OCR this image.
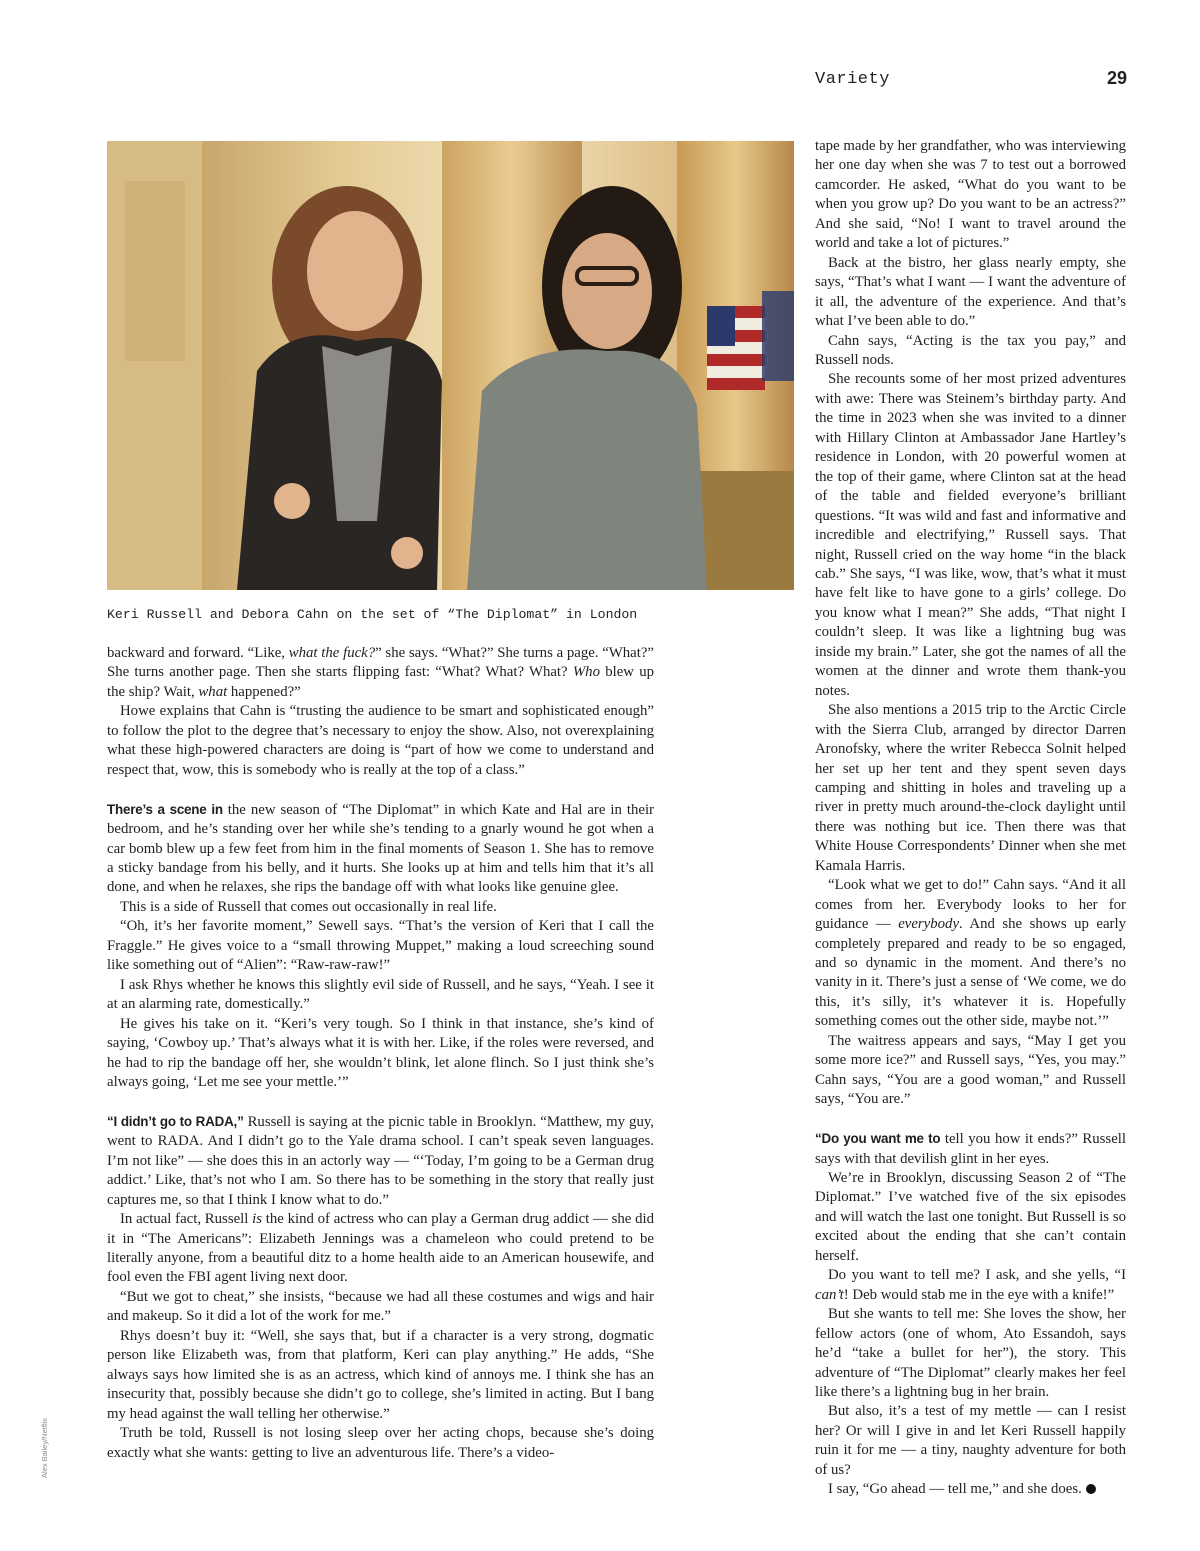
Variety	29
Keri Russell and Debora Cahn on the set of “The Diplomat” in London
Alex Bailey/Netflix

backward and forward. “Like, what the fuck?” she says. “What?” She turns a page. “What?” She turns another page. Then she starts flipping fast: “What? What? What? Who blew up the ship? Wait, what happened?”

Howe explains that Cahn is “trusting the audience to be smart and sophisticated enough” to follow the plot to the degree that’s necessary to enjoy the show. Also, not overexplaining what these high-powered characters are doing is “part of how we come to understand and respect that, wow, this is somebody who is really at the top of a class.”

There’s a scene in the new season of “The Diplomat” in which Kate and Hal are in their bedroom, and he’s standing over her while she’s tending to a gnarly wound he got when a car bomb blew up a few feet from him in the final moments of Season 1. She has to remove a sticky bandage from his belly, and it hurts. She looks up at him and tells him that it’s all done, and when he relaxes, she rips the bandage off with what looks like genuine glee.

This is a side of Russell that comes out occasionally in real life.

“Oh, it’s her favorite moment,” Sewell says. “That’s the version of Keri that I call the Fraggle.” He gives voice to a “small throwing Muppet,” making a loud screeching sound like something out of “Alien”: “Raw-raw-raw!”

I ask Rhys whether he knows this slightly evil side of Russell, and he says, “Yeah. I see it at an alarming rate, domestically.”

He gives his take on it. “Keri’s very tough. So I think in that instance, she’s kind of saying, ‘Cowboy up.’ That’s always what it is with her. Like, if the roles were reversed, and he had to rip the bandage off her, she wouldn’t blink, let alone flinch. So I just think she’s always going, ‘Let me see your mettle.’”

“I didn’t go to RADA,” Russell is saying at the picnic table in Brooklyn. “Matthew, my guy, went to RADA. And I didn’t go to the Yale drama school. I can’t speak seven languages. I’m not like” — she does this in an actorly way — “‘Today, I’m going to be a German drug addict.’ Like, that’s not who I am. So there has to be something in the story that really just captures me, so that I think I know what to do.”

In actual fact, Russell is the kind of actress who can play a German drug addict — she did it in “The Americans”: Elizabeth Jennings was a chameleon who could pretend to be literally anyone, from a beautiful ditz to a home health aide to an American housewife, and fool even the FBI agent living next door.

“But we got to cheat,” she insists, “because we had all these costumes and wigs and hair and makeup. So it did a lot of the work for me.”

Rhys doesn’t buy it: “Well, she says that, but if a character is a very strong, dogmatic person like Elizabeth was, from that platform, Keri can play anything.” He adds, “She always says how limited she is as an actress, which kind of annoys me. I think she has an insecurity that, possibly because she didn’t go to college, she’s limited in acting. But I bang my head against the wall telling her otherwise.”

Truth be told, Russell is not losing sleep over her acting chops, because she’s doing exactly what she wants: getting to live an adventurous life. There’s a video-

tape made by her grandfather, who was interviewing her one day when she was 7 to test out a borrowed camcorder. He asked, “What do you want to be when you grow up? Do you want to be an actress?” And she said, “No! I want to travel around the world and take a lot of pictures.”

Back at the bistro, her glass nearly empty, she says, “That’s what I want — I want the adventure of it all, the adventure of the experience. And that’s what I’ve been able to do.”

Cahn says, “Acting is the tax you pay,” and Russell nods.

She recounts some of her most prized adventures with awe: There was Steinem’s birthday party. And the time in 2023 when she was invited to a dinner with Hillary Clinton at Ambassador Jane Hartley’s residence in London, with 20 powerful women at the top of their game, where Clinton sat at the head of the table and fielded everyone’s brilliant questions. “It was wild and fast and informative and incredible and electrifying,” Russell says. That night, Russell cried on the way home “in the black cab.” She says, “I was like, wow, that’s what it must have felt like to have gone to a girls’ college. Do you know what I mean?” She adds, “That night I couldn’t sleep. It was like a lightning bug was inside my brain.” Later, she got the names of all the women at the dinner and wrote them thank-you notes.

She also mentions a 2015 trip to the Arctic Circle with the Sierra Club, arranged by director Darren Aronofsky, where the writer Rebecca Solnit helped her set up her tent and they spent seven days camping and shitting in holes and traveling up a river in pretty much around-the-clock daylight until there was nothing but ice. Then there was that White House Correspondents’ Dinner when she met Kamala Harris.

“Look what we get to do!” Cahn says. “And it all comes from her. Everybody looks to her for guidance — everybody. And she shows up early completely prepared and ready to be so engaged, and so dynamic in the moment. And there’s no vanity in it. There’s just a sense of ‘We come, we do this, it’s silly, it’s whatever it is. Hopefully something comes out the other side, maybe not.’”

The waitress appears and says, “May I get you some more ice?” and Russell says, “Yes, you may.” Cahn says, “You are a good woman,” and Russell says, “You are.”

“Do you want me to tell you how it ends?” Russell says with that devilish glint in her eyes.

We’re in Brooklyn, discussing Season 2 of “The Diplomat.” I’ve watched five of the six episodes and will watch the last one tonight. But Russell is so excited about the ending that she can’t contain herself.

Do you want to tell me? I ask, and she yells, “I can’t! Deb would stab me in the eye with a knife!”

But she wants to tell me: She loves the show, her fellow actors (one of whom, Ato Essandoh, says he’d “take a bullet for her”), the story. This adventure of “The Diplomat” clearly makes her feel like there’s a lightning bug in her brain.

But also, it’s a test of my mettle — can I resist her? Or will I give in and let Keri Russell happily ruin it for me — a tiny, naughty adventure for both of us?

I say, “Go ahead — tell me,” and she does.
